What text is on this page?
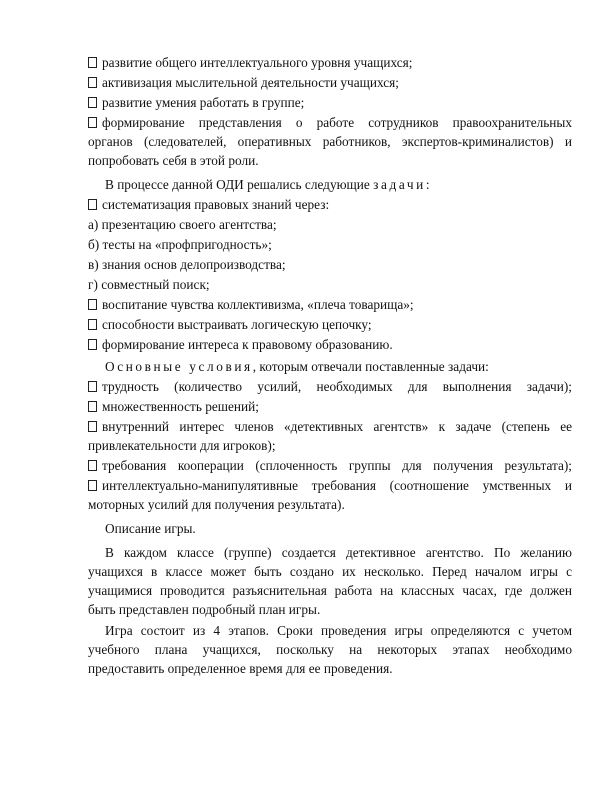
развитие общего интеллектуального уровня учащихся;
активизация мыслительной деятельности учащихся;
развитие умения работать в группе;
формирование представления о работе сотрудников правоохранительных
органов (следователей, оперативных работников, экспертов-криминалистов) и
попробовать себя в этой роли.
В процессе данной ОДИ решались следующие задачи:
систематизация правовых знаний через:
а) презентацию своего агентства;
б) тесты на «профпригодность»;
в) знания основ делопроизводства;
г) совместный поиск;
воспитание чувства коллективизма, «плеча товарища»;
способности выстраивать логическую цепочку;
формирование интереса к правовому образованию.
Основные условия, которым отвечали поставленные задачи:
трудность (количество усилий, необходимых для выполнения задачи);
множественность решений;
внутренний интерес членов «детективных агентств» к задаче (степень ее
привлекательности для игроков);
требования кооперации (сплоченность группы для получения результата);
интеллектуально-манипулятивные требования (соотношение умственных и
моторных усилий для получения результата).
Описание игры.
В каждом классе (группе) создается детективное агентство. По желанию
учащихся в классе может быть создано их несколько. Перед началом игры с
учащимися проводится разъяснительная работа на классных часах, где должен
быть представлен подробный план игры.
Игра состоит из 4 этапов. Сроки проведения игры определяются с учетом
учебного плана учащихся, поскольку на некоторых этапах необходимо
предоставить определенное время для ее проведения.
